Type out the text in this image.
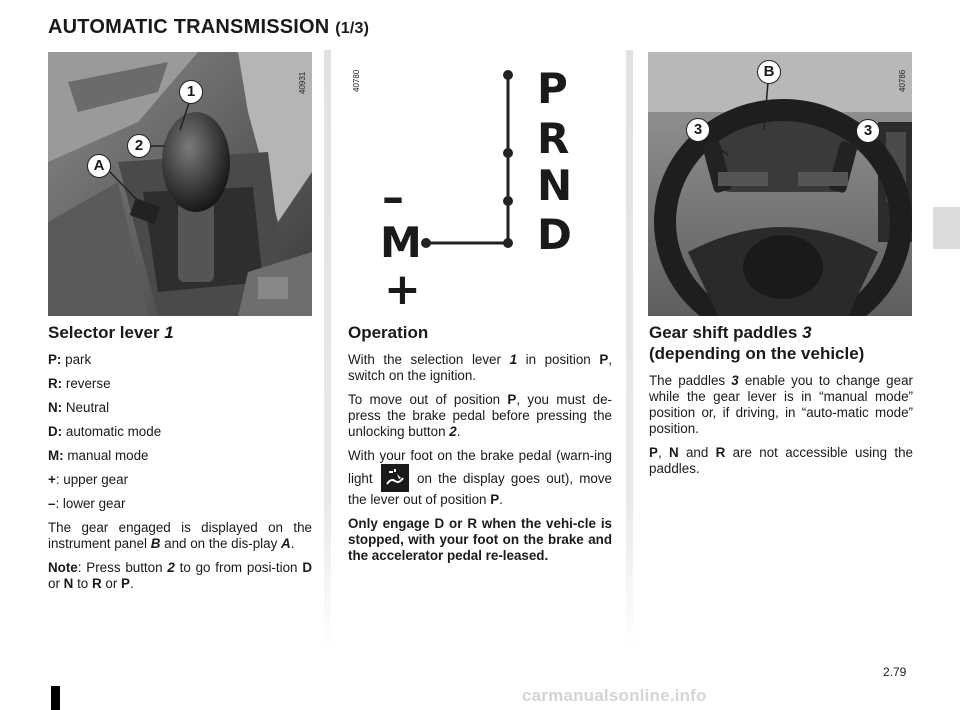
AUTOMATIC TRANSMISSION (1/3)
40931
1
2
A
40780	P
R
N
D
–
M
+
40786
B
3	3
Selector lever 1

P: park

R: reverse

N: Neutral

D: automatic mode

M: manual mode

+: upper gear

–: lower gear

The gear engaged is displayed on the instrument panel B and on the dis-play A.

Note: Press button 2 to go from posi-tion D or N to R or P.

Operation

With the selection lever 1 in position P, switch on the ignition.

To move out of position P, you must de-press the brake pedal before pressing the unlocking button 2.

With your foot on the brake pedal (warn-ing light	on the display goes out), move the lever out of position P.

Only engage D or R when the vehi-cle is stopped, with your foot on the brake and the accelerator pedal re-leased.

Gear shift paddles 3
(depending on the vehicle)

The paddles 3 enable you to change gear while the gear lever is in “manual mode” position or, if driving, in “auto-matic mode” position.

P, N and R are not accessible using the paddles.

2.79
carmanualsonline.info
